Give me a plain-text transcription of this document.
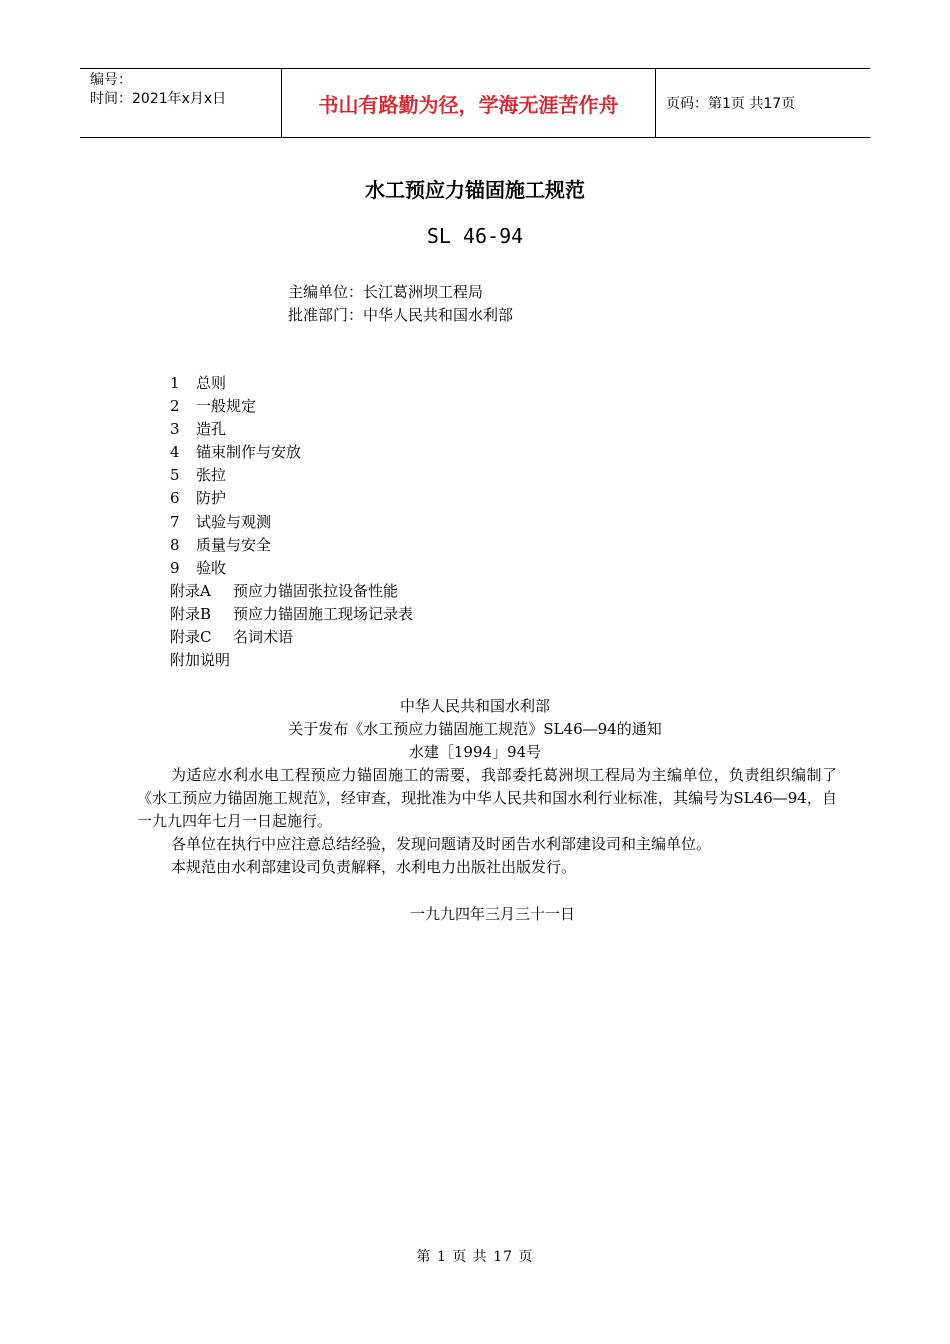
编号：
时间：2021年x月x日	书山有路勤为径，学海无涯苦作舟	页码：第1页 共17页
水工预应力锚固施工规范
SL 46-94
主编单位：长江葛洲坝工程局
批准部门：中华人民共和国水利部
1	总则
2	一般规定
3	造孔
4	锚束制作与安放
5	张拉
6	防护
7	试验与观测
8	质量与安全
9	验收
附录A	预应力锚固张拉设备性能
附录B	预应力锚固施工现场记录表
附录C	名词术语
附加说明
中华人民共和国水利部
关于发布《水工预应力锚固施工规范》SL46—94的通知
水建［1994」94号

为适应水利水电工程预应力锚固施工的需要，我部委托葛洲坝工程局为主编单位，负责组织编制了《水工预应力锚固施工规范》，经审查，现批准为中华人民共和国水利行业标准，其编号为SL46—94，自一九九四年七月一日起施行。

各单位在执行中应注意总结经验，发现问题请及时函告水利部建设司和主编单位。

本规范由水利部建设司负责解释，水利电力出版社出版发行。

一九九四年三月三十一日
第 1 页 共 17 页
